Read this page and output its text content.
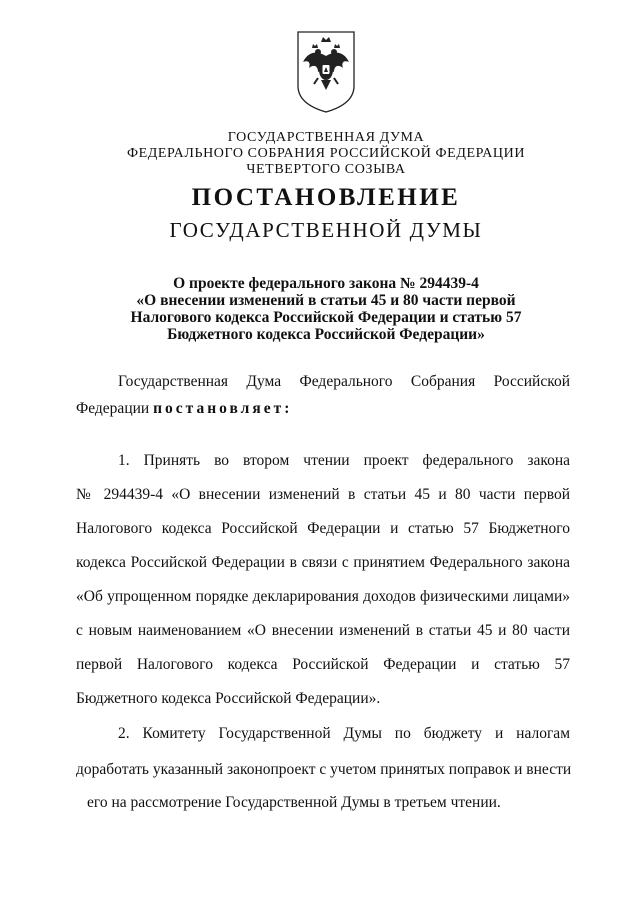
ГОСУДАРСТВЕННАЯ ДУМА
ФЕДЕРАЛЬНОГО СОБРАНИЯ РОССИЙСКОЙ ФЕДЕРАЦИИ
ЧЕТВЕРТОГО СОЗЫВА
ПОСТАНОВЛЕНИЕ
ГОСУДАРСТВЕННОЙ ДУМЫ
О проекте федерального закона № 294439-4
«О внесении изменений в статьи 45 и 80 части первой
Налогового кодекса Российской Федерации и статью 57
Бюджетного кодекса Российской Федерации»
Государственная Дума Федерального Собрания Российской
Федерации постановляет:
1. Принять во втором чтении проект федерального закона
№ 294439-4 «О внесении изменений в статьи 45 и 80 части первой
Налогового кодекса Российской Федерации и статью 57 Бюджетного
кодекса Российской Федерации в связи с принятием Федерального закона
«Об упрощенном порядке декларирования доходов физическими лицами»
с новым наименованием «О внесении изменений в статьи 45 и 80 части
первой Налогового кодекса Российской Федерации и статью 57
Бюджетного кодекса Российской Федерации».
2. Комитету Государственной Думы по бюджету и налогам
доработать указанный законопроект с учетом принятых поправок и внести
его на рассмотрение Государственной Думы в третьем чтении.
